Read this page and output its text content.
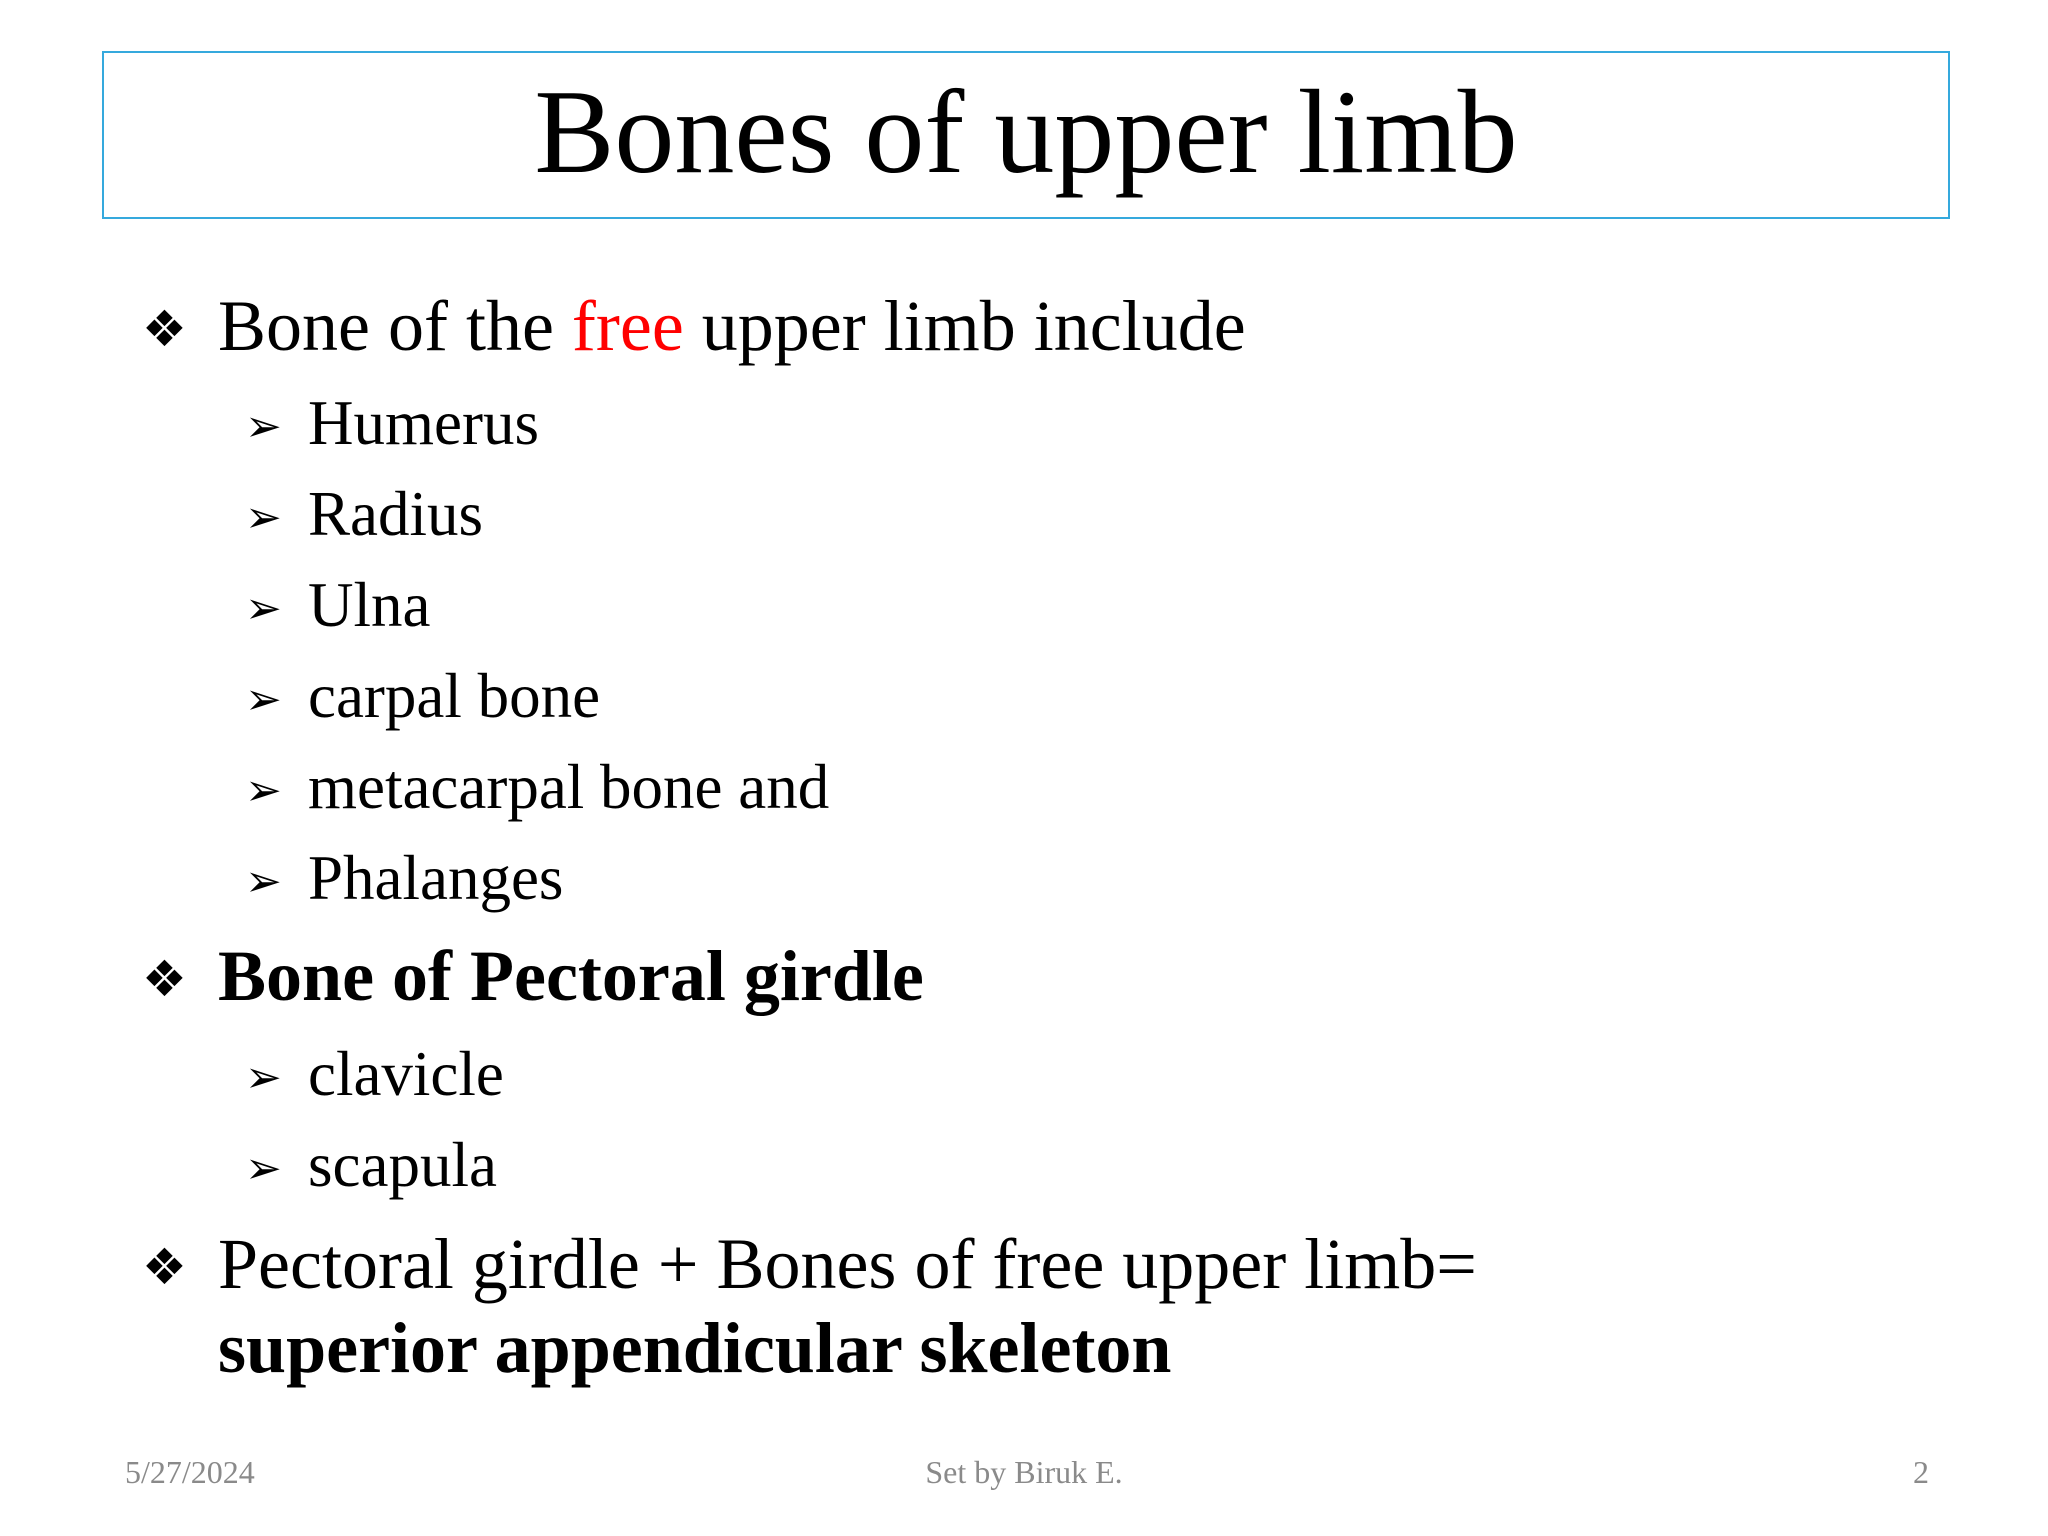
Bones of upper limb
❖ Bone of the free upper limb include
➢ Humerus
➢ Radius
➢ Ulna
➢ carpal bone
➢ metacarpal bone and
➢ Phalanges
❖ Bone of Pectoral girdle
➢ clavicle
➢ scapula
❖ Pectoral girdle + Bones of free upper limb=
superior appendicular skeleton
5/27/2024	Set by Biruk E.	2
